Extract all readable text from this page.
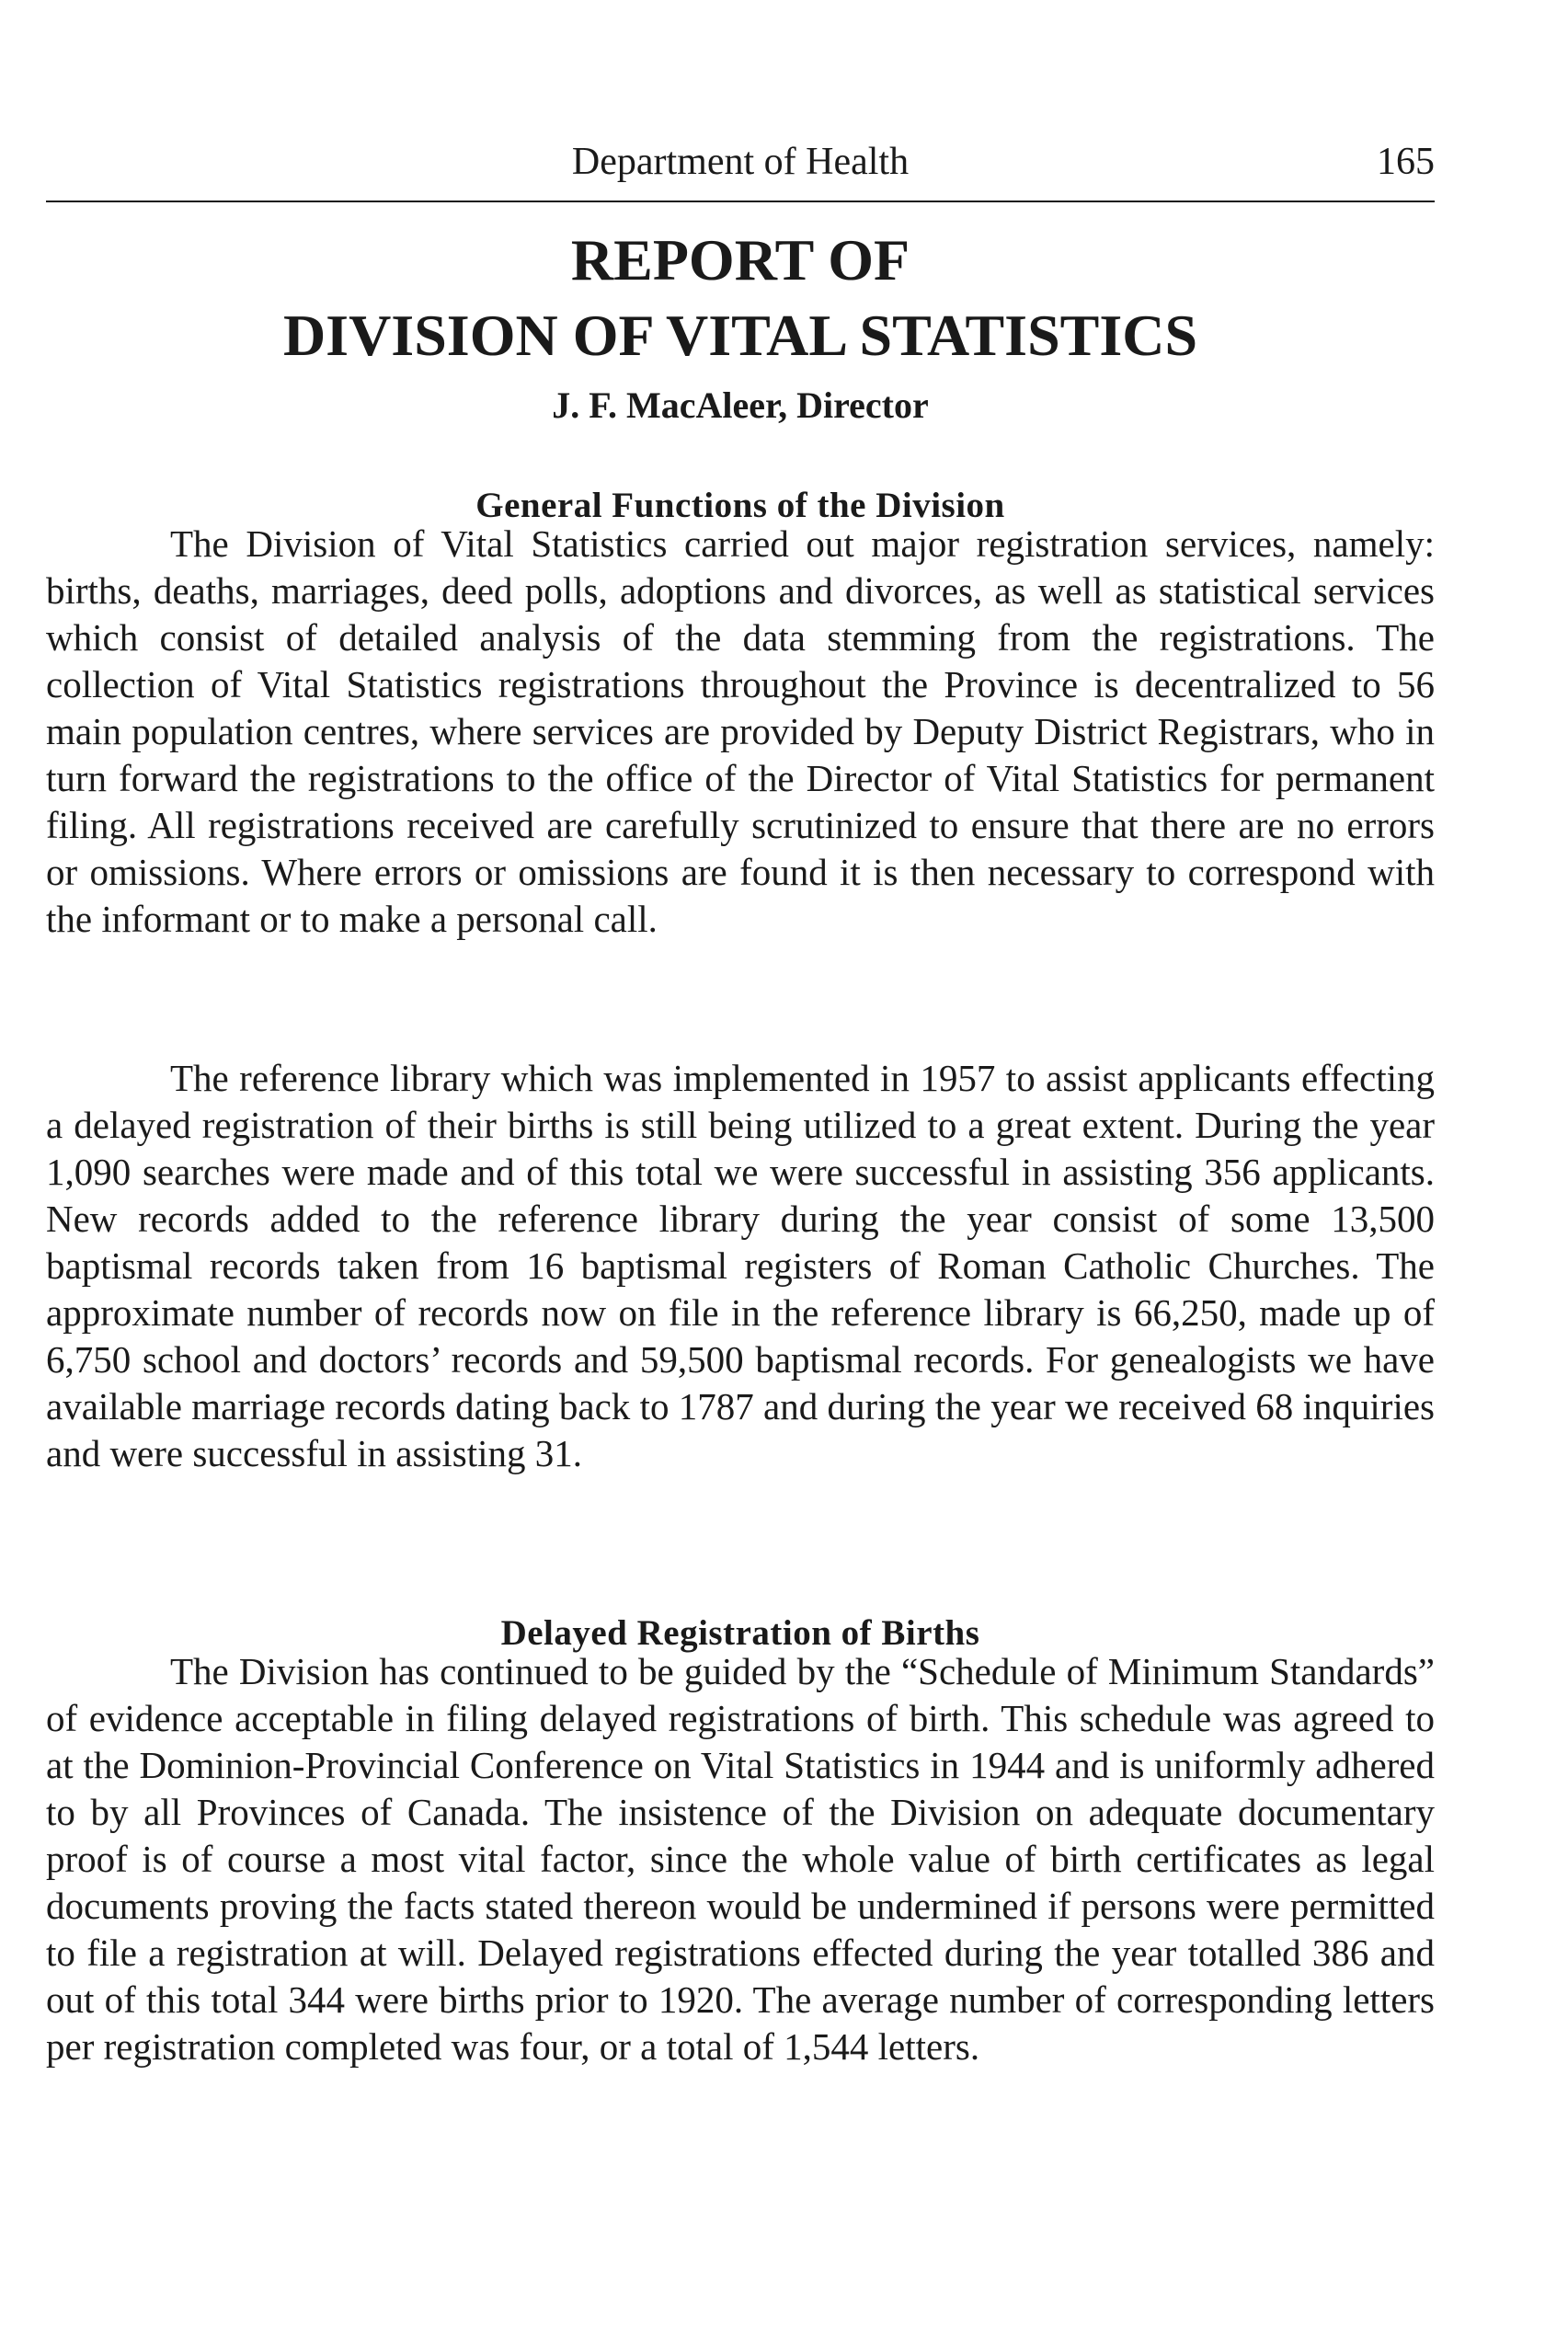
Department of Health	165
REPORT OF
DIVISION OF VITAL STATISTICS
J. F. MacAleer, Director
General Functions of the Division

The Division of Vital Statistics carried out major registration services, namely: births, deaths, marriages, deed polls, adoptions and divorces, as well as statistical services which consist of detailed analysis of the data stemming from the registrations. The collection of Vital Statistics registrations throughout the Province is decentralized to 56 main population centres, where services are provided by Deputy District Registrars, who in turn forward the registrations to the office of the Director of Vital Statistics for permanent filing. All registrations received are carefully scrutinized to ensure that there are no errors or omissions. Where errors or omissions are found it is then necessary to correspond with the informant or to make a personal call.

The reference library which was implemented in 1957 to assist applicants effecting a delayed registration of their births is still being utilized to a great extent. During the year 1,090 searches were made and of this total we were successful in assisting 356 applicants. New records added to the reference library during the year consist of some 13,500 baptismal records taken from 16 baptismal registers of Roman Catholic Churches. The approximate number of records now on file in the reference library is 66,250, made up of 6,750 school and doctors’ records and 59,500 baptismal records. For genealogists we have available marriage records dating back to 1787 and during the year we received 68 inquiries and were successful in assisting 31.

Delayed Registration of Births

The Division has continued to be guided by the “Schedule of Minimum Standards” of evidence acceptable in filing delayed registrations of birth. This schedule was agreed to at the Dominion-Provincial Conference on Vital Statistics in 1944 and is uniformly adhered to by all Provinces of Canada. The insistence of the Division on adequate documentary proof is of course a most vital factor, since the whole value of birth certificates as legal documents proving the facts stated thereon would be undermined if persons were permitted to file a registration at will. Delayed registrations effected during the year totalled 386 and out of this total 344 were births prior to 1920. The average number of corresponding letters per registration completed was four, or a total of 1,544 letters.
